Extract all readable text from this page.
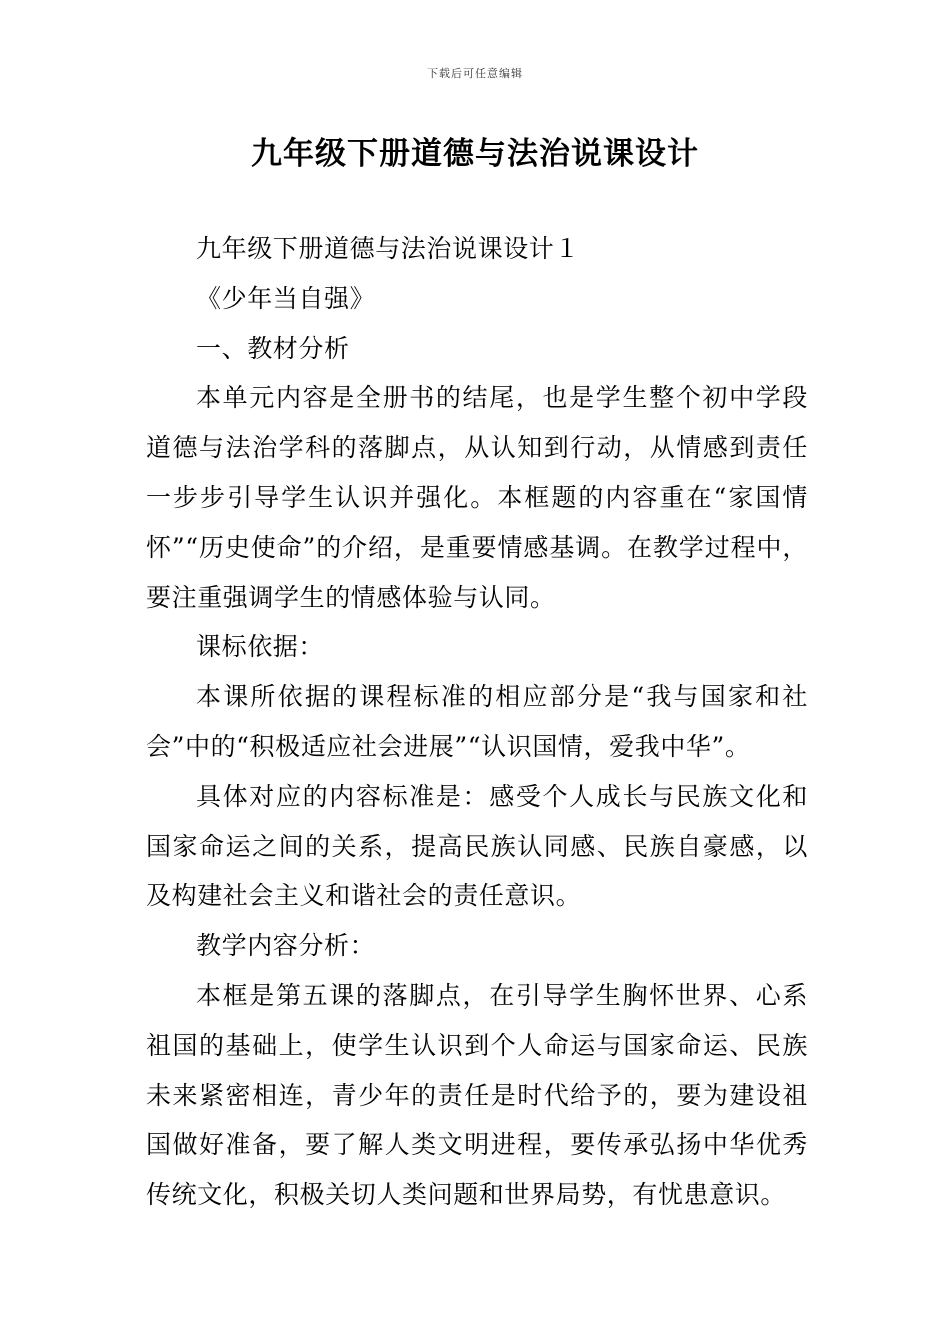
下载后可任意编辑
九年级下册道德与法治说课设计

九年级下册道德与法治说课设计１

《少年当自强》

一、教材分析

本单元内容是全册书的结尾，也是学生整个初中学段道德与法治学科的落脚点，从认知到行动，从情感到责任一步步引导学生认识并强化。本框题的内容重在“家国情怀”“历史使命”的介绍，是重要情感基调。在教学过程中，要注重强调学生的情感体验与认同。

课标依据：

本课所依据的课程标准的相应部分是“我与国家和社会”中的“积极适应社会进展”“认识国情，爱我中华”。

具体对应的内容标准是：感受个人成长与民族文化和国家命运之间的关系，提高民族认同感、民族自豪感，以及构建社会主义和谐社会的责任意识。

教学内容分析：

本框是第五课的落脚点，在引导学生胸怀世界、心系祖国的基础上，使学生认识到个人命运与国家命运、民族未来紧密相连，青少年的责任是时代给予的，要为建设祖国做好准备，要了解人类文明进程，要传承弘扬中华优秀传统文化，积极关切人类问题和世界局势，有忧患意识。
